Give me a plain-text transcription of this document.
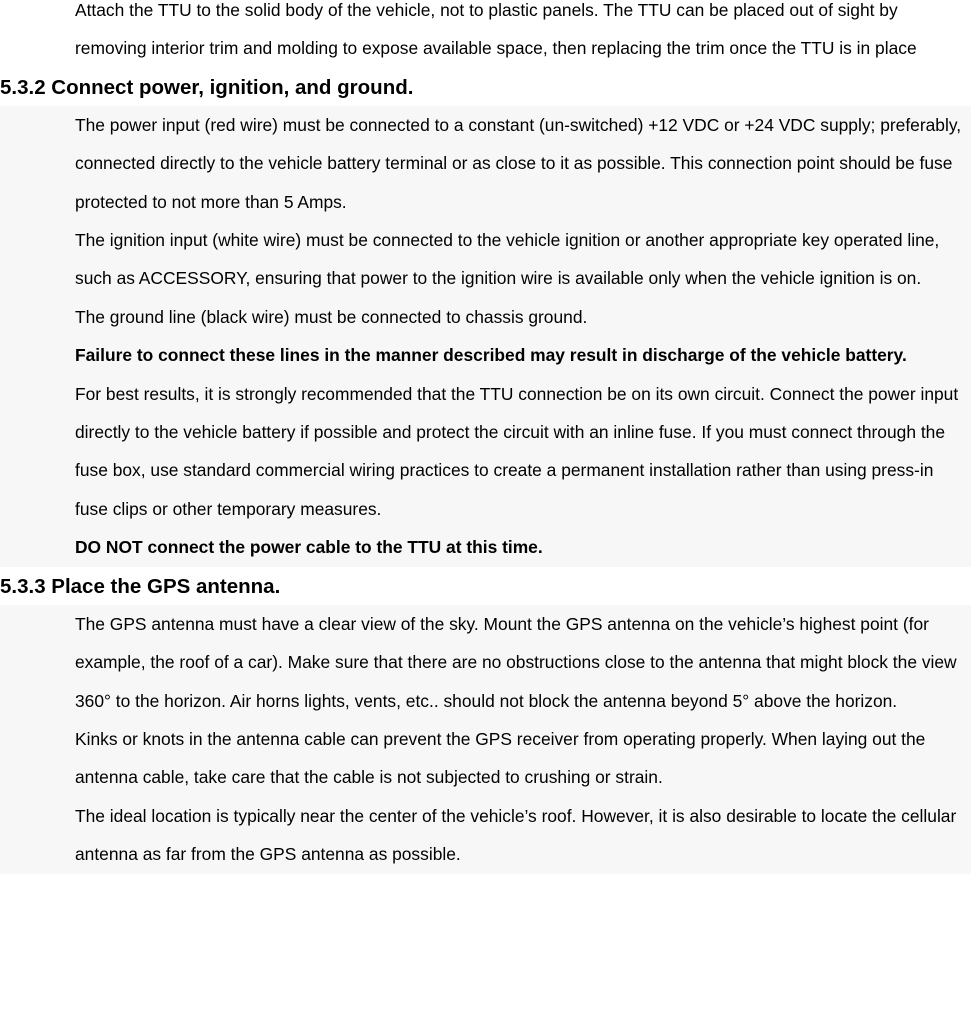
Attach the TTU to the solid body of the vehicle, not to plastic panels. The TTU can be placed out of sight by removing interior trim and molding to expose available space, then replacing the trim once the TTU is in place

5.3.2 Connect power, ignition, and ground.

The power input (red wire) must be connected to a constant (un-switched) +12 VDC or +24 VDC supply; preferably, connected directly to the vehicle battery terminal or as close to it as possible. This connection point should be fuse protected to not more than 5 Amps.

The ignition input (white wire) must be connected to the vehicle ignition or another appropriate key operated line, such as ACCESSORY, ensuring that power to the ignition wire is available only when the vehicle ignition is on.

The ground line (black wire) must be connected to chassis ground.

Failure to connect these lines in the manner described may result in discharge of the vehicle battery.

For best results, it is strongly recommended that the TTU connection be on its own circuit. Connect the power input directly to the vehicle battery if possible and protect the circuit with an inline fuse. If you must connect through the fuse box, use standard commercial wiring practices to create a permanent installation rather than using press-in fuse clips or other temporary measures.

DO NOT connect the power cable to the TTU at this time.

5.3.3 Place the GPS antenna.

The GPS antenna must have a clear view of the sky. Mount the GPS antenna on the vehicle’s highest point (for example, the roof of a car). Make sure that there are no obstructions close to the antenna that might block the view 360° to the horizon. Air horns lights, vents, etc.. should not block the antenna beyond 5° above the horizon.

Kinks or knots in the antenna cable can prevent the GPS receiver from operating properly. When laying out the antenna cable, take care that the cable is not subjected to crushing or strain.

The ideal location is typically near the center of the vehicle’s roof. However, it is also desirable to locate the cellular antenna as far from the GPS antenna as possible.
